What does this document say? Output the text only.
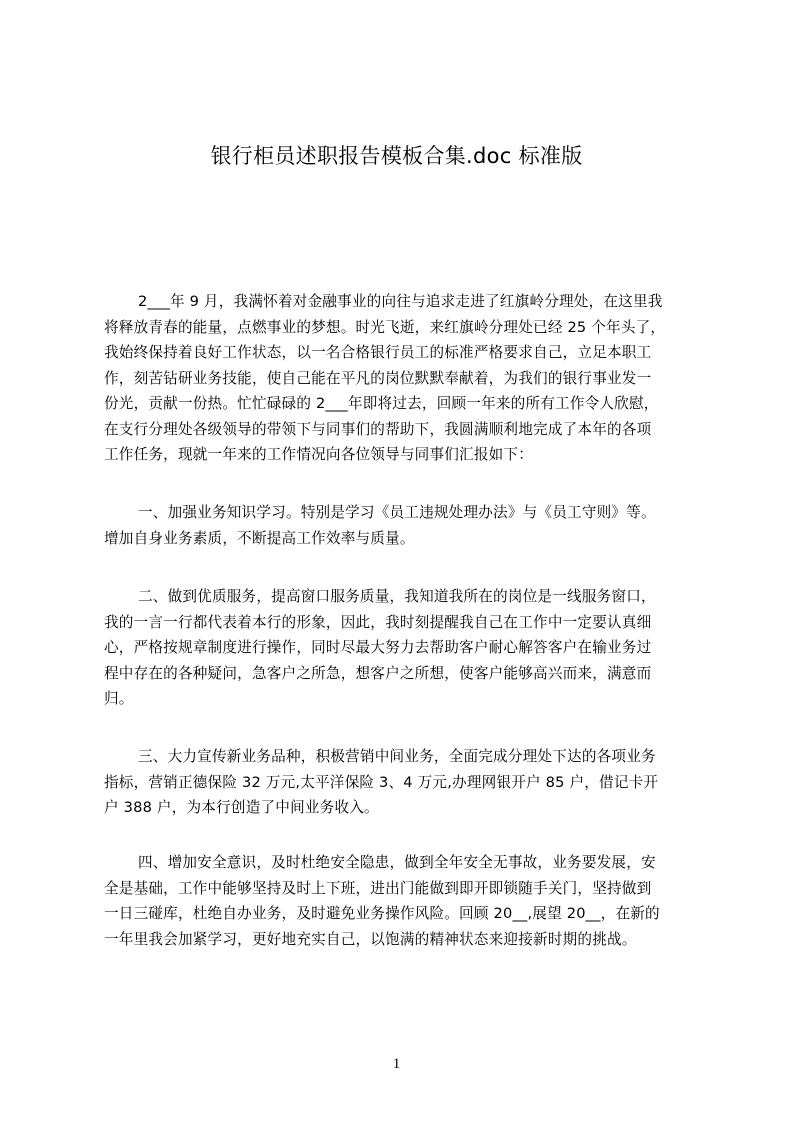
银行柜员述职报告模板合集.doc 标准版
2___年 9 月，我满怀着对金融事业的向往与追求走进了红旗岭分理处，在这里我
将释放青春的能量，点燃事业的梦想。时光飞逝，来红旗岭分理处已经 25 个年头了，
我始终保持着良好工作状态，以一名合格银行员工的标准严格要求自己，立足本职工
作，刻苦钻研业务技能，使自己能在平凡的岗位默默奉献着，为我们的银行事业发一
份光，贡献一份热。忙忙碌碌的 2___年即将过去，回顾一年来的所有工作令人欣慰，
在支行分理处各级领导的带领下与同事们的帮助下，我圆满顺利地完成了本年的各项
工作任务，现就一年来的工作情况向各位领导与同事们汇报如下：
一、加强业务知识学习。特别是学习《员工违规处理办法》与《员工守则》等。
增加自身业务素质，不断提高工作效率与质量。
二、做到优质服务，提高窗口服务质量，我知道我所在的岗位是一线服务窗口，
我的一言一行都代表着本行的形象，因此，我时刻提醒我自己在工作中一定要认真细
心，严格按规章制度进行操作，同时尽最大努力去帮助客户耐心解答客户在输业务过
程中存在的各种疑问，急客户之所急，想客户之所想，使客户能够高兴而来，满意而
归。
三、大力宣传新业务品种，积极营销中间业务，全面完成分理处下达的各项业务
指标，营销正德保险 32 万元,太平洋保险 3、4 万元,办理网银开户 85 户，借记卡开
户 388 户，为本行创造了中间业务收入。
四、增加安全意识，及时杜绝安全隐患，做到全年安全无事故，业务要发展，安
全是基础，工作中能够坚持及时上下班，进出门能做到即开即锁随手关门，坚持做到
一日三碰库，杜绝自办业务，及时避免业务操作风险。回顾 20__,展望 20__，在新的
一年里我会加紧学习，更好地充实自己，以饱满的精神状态来迎接新时期的挑战。
1
